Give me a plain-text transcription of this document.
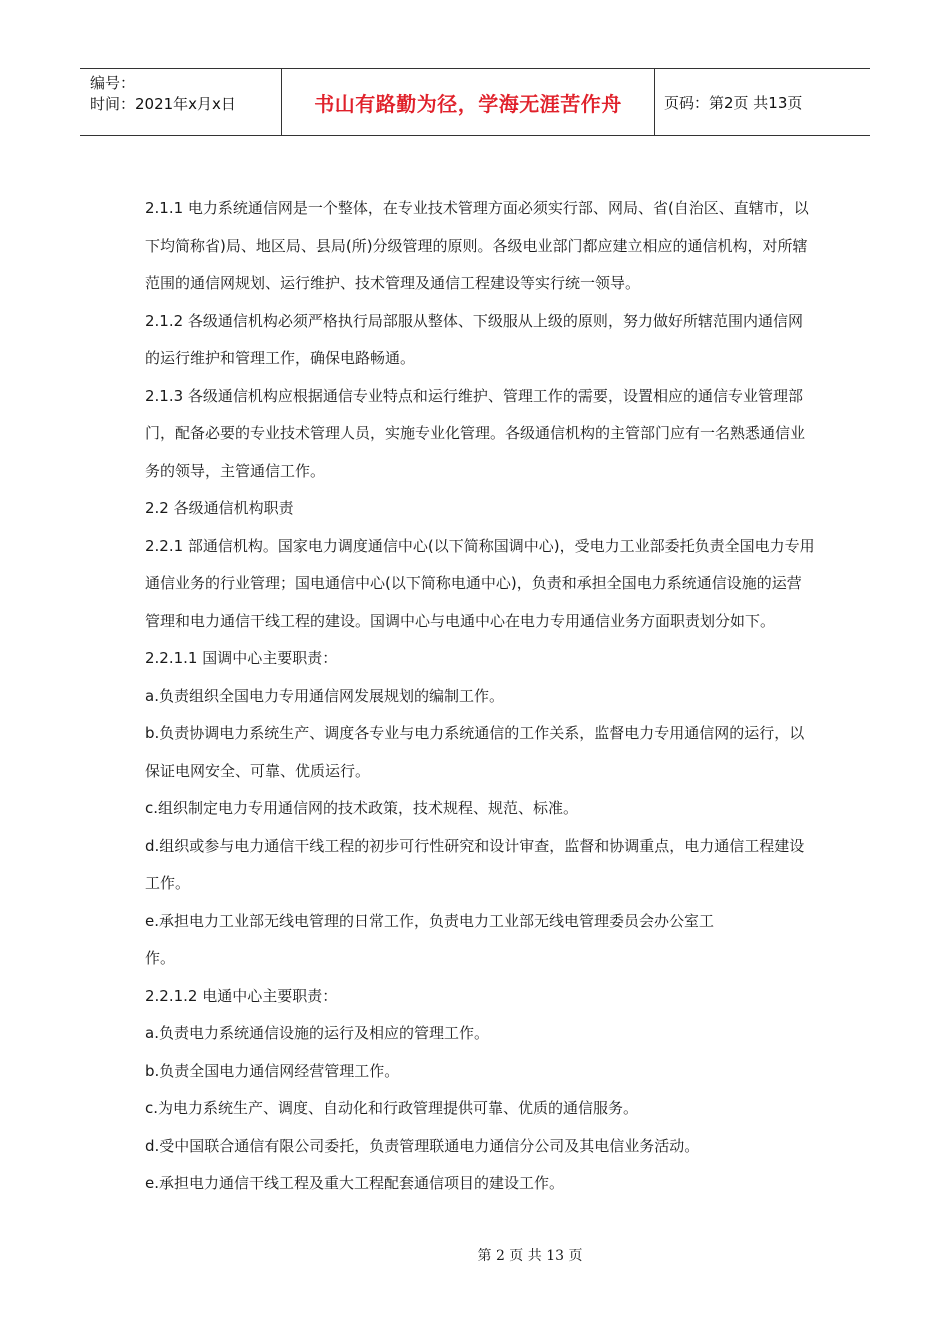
编号：
时间：2021年x月x日	书山有路勤为径，学海无涯苦作舟	页码：第2页 共13页

2.1.1 电力系统通信网是一个整体，在专业技术管理方面必须实行部、网局、省(自治区、直辖市，以下均简称省)局、地区局、县局(所)分级管理的原则。各级电业部门都应建立相应的通信机构，对所辖范围的通信网规划、运行维护、技术管理及通信工程建设等实行统一领导。

2.1.2 各级通信机构必须严格执行局部服从整体、下级服从上级的原则，努力做好所辖范围内通信网的运行维护和管理工作，确保电路畅通。

2.1.3 各级通信机构应根据通信专业特点和运行维护、管理工作的需要，设置相应的通信专业管理部门，配备必要的专业技术管理人员，实施专业化管理。各级通信机构的主管部门应有一名熟悉通信业务的领导，主管通信工作。

2.2 各级通信机构职责

2.2.1 部通信机构。国家电力调度通信中心(以下简称国调中心)，受电力工业部委托负责全国电力专用通信业务的行业管理；国电通信中心(以下简称电通中心)，负责和承担全国电力系统通信设施的运营管理和电力通信干线工程的建设。国调中心与电通中心在电力专用通信业务方面职责划分如下。

2.2.1.1 国调中心主要职责：

a.负责组织全国电力专用通信网发展规划的编制工作。

b.负责协调电力系统生产、调度各专业与电力系统通信的工作关系，监督电力专用通信网的运行，以保证电网安全、可靠、优质运行。

c.组织制定电力专用通信网的技术政策，技术规程、规范、标准。

d.组织或参与电力通信干线工程的初步可行性研究和设计审查，监督和协调重点，电力通信工程建设工作。

e.承担电力工业部无线电管理的日常工作，负责电力工业部无线电管理委员会办公室工

作。

2.2.1.2 电通中心主要职责：

a.负责电力系统通信设施的运行及相应的管理工作。

b.负责全国电力通信网经营管理工作。

c.为电力系统生产、调度、自动化和行政管理提供可靠、优质的通信服务。

d.受中国联合通信有限公司委托，负责管理联通电力通信分公司及其电信业务活动。

e.承担电力通信干线工程及重大工程配套通信项目的建设工作。

第 2 页 共 13 页
